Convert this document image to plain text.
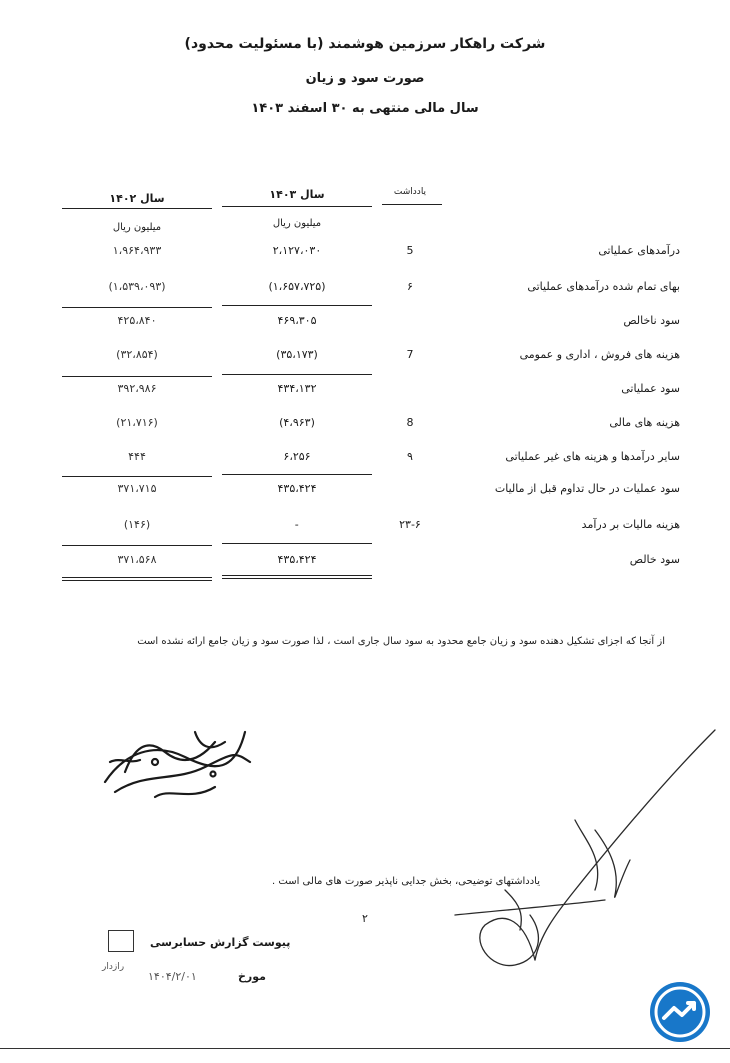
شرکت راهکار سرزمین هوشمند (با مسئولیت محدود)
صورت سود و زیان
سال مالی منتهی به ۳۰ اسفند ۱۴۰۳
یادداشت
سال ۱۴۰۳
میلیون ریال
سال ۱۴۰۲
میلیون ریال
درآمدهای عملیاتی
5
۲،۱۲۷،۰۳۰
۱،۹۶۴،۹۳۳
بهای تمام شده درآمدهای عملیاتی
۶
(۱،۶۵۷،۷۲۵)
(۱،۵۳۹،۰۹۳)
سود ناخالص
۴۶۹،۳۰۵
۴۲۵،۸۴۰
هزینه های فروش ، اداری و عمومی
7
(۳۵،۱۷۳)
(۳۲،۸۵۴)
سود عملیاتی
۴۳۴،۱۳۲
۳۹۲،۹۸۶
هزینه های مالی
8
(۴،۹۶۳)
(۲۱،۷۱۶)
سایر درآمدها و هزینه های غیر عملیاتی
۹
۶،۲۵۶
۴۴۴
سود عملیات در حال تداوم قبل از مالیات
۴۳۵،۴۲۴
۳۷۱،۷۱۵
هزینه مالیات بر درآمد
۲۳-۶
-
(۱۴۶)
سود خالص
۴۳۵،۴۲۴
۳۷۱،۵۶۸
از آنجا که اجزای تشکیل دهنده سود و زیان جامع محدود به سود سال جاری است ، لذا صورت سود و زیان جامع ارائه نشده است
راه کار سرزمین هوشمند
یادداشتهای توضیحی، بخش جدایی ناپذیر صورت های مالی است .
۲
پیوست گزارش حسابرسی
رازدار
مورخ
۱۴۰۴/۲/۰۱
